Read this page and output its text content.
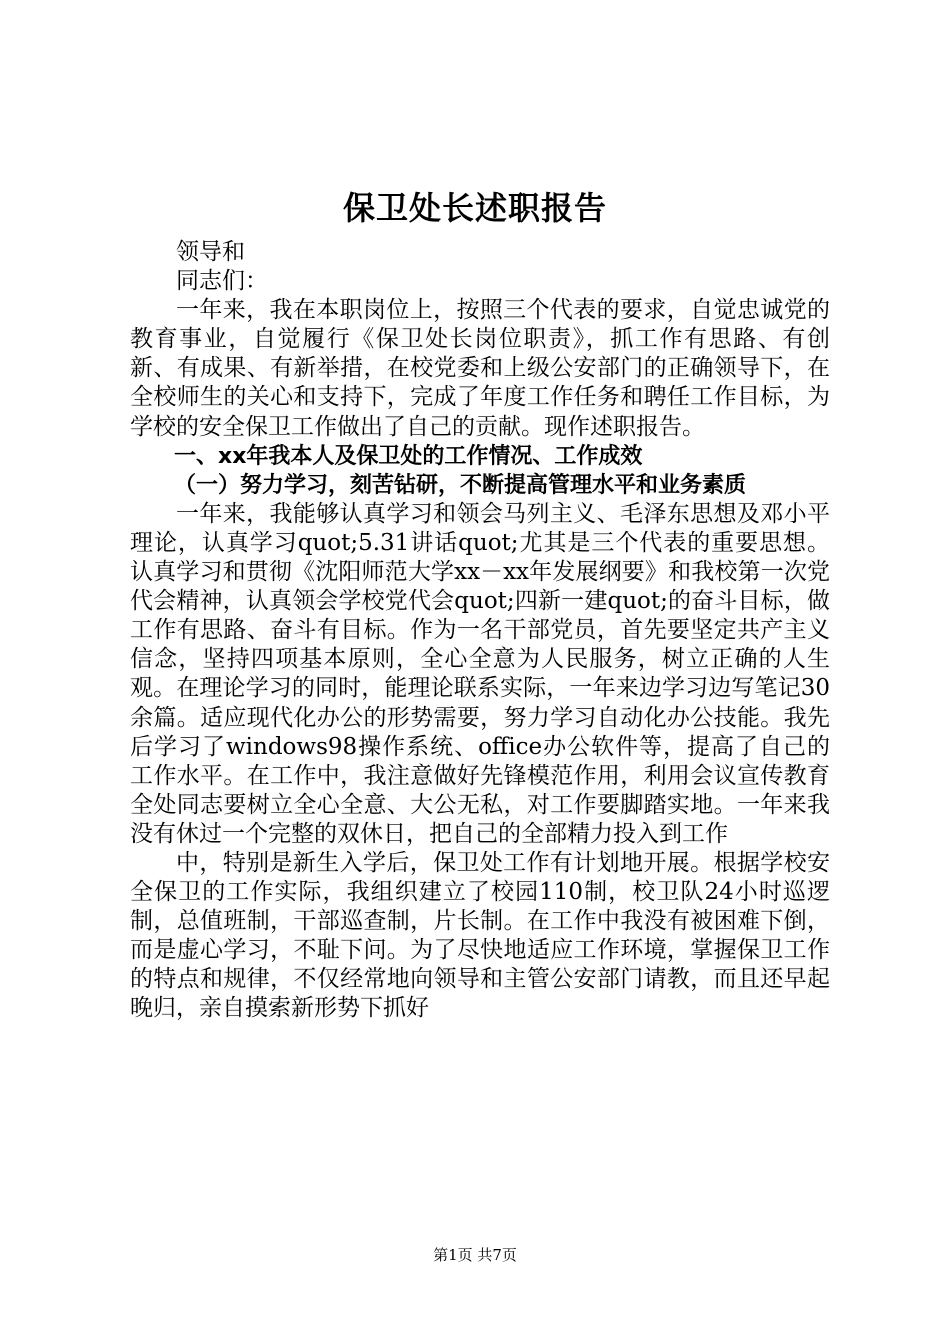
保卫处长述职报告

领导和

同志们：

一年来，我在本职岗位上，按照三个代表的要求，自觉忠诚党的教育事业，自觉履行《保卫处长岗位职责》，抓工作有思路、有创新、有成果、有新举措，在校党委和上级公安部门的正确领导下，在全校师生的关心和支持下，完成了年度工作任务和聘任工作目标，为学校的安全保卫工作做出了自己的贡献。现作述职报告。

一、xx年我本人及保卫处的工作情况、工作成效

（一）努力学习，刻苦钻研，不断提高管理水平和业务素质

一年来，我能够认真学习和领会马列主义、毛泽东思想及邓小平理论，认真学习quot;5.31讲话quot;尤其是三个代表的重要思想。认真学习和贯彻《沈阳师范大学xx－xx年发展纲要》和我校第一次党代会精神，认真领会学校党代会quot;四新一建quot;的奋斗目标，做工作有思路、奋斗有目标。作为一名干部党员，首先要坚定共产主义信念，坚持四项基本原则，全心全意为人民服务，树立正确的人生观。在理论学习的同时，能理论联系实际，一年来边学习边写笔记30余篇。适应现代化办公的形势需要，努力学习自动化办公技能。我先后学习了windows98操作系统、office办公软件等，提高了自己的工作水平。在工作中，我注意做好先锋模范作用，利用会议宣传教育全处同志要树立全心全意、大公无私，对工作要脚踏实地。一年来我没有休过一个完整的双休日，把自己的全部精力投入到工作

中，特别是新生入学后，保卫处工作有计划地开展。根据学校安全保卫的工作实际，我组织建立了校园110制，校卫队24小时巡逻制，总值班制，干部巡查制，片长制。在工作中我没有被困难下倒，而是虚心学习，不耻下问。为了尽快地适应工作环境，掌握保卫工作的特点和规律，不仅经常地向领导和主管公安部门请教，而且还早起晚归，亲自摸索新形势下抓好

第1页 共7页
